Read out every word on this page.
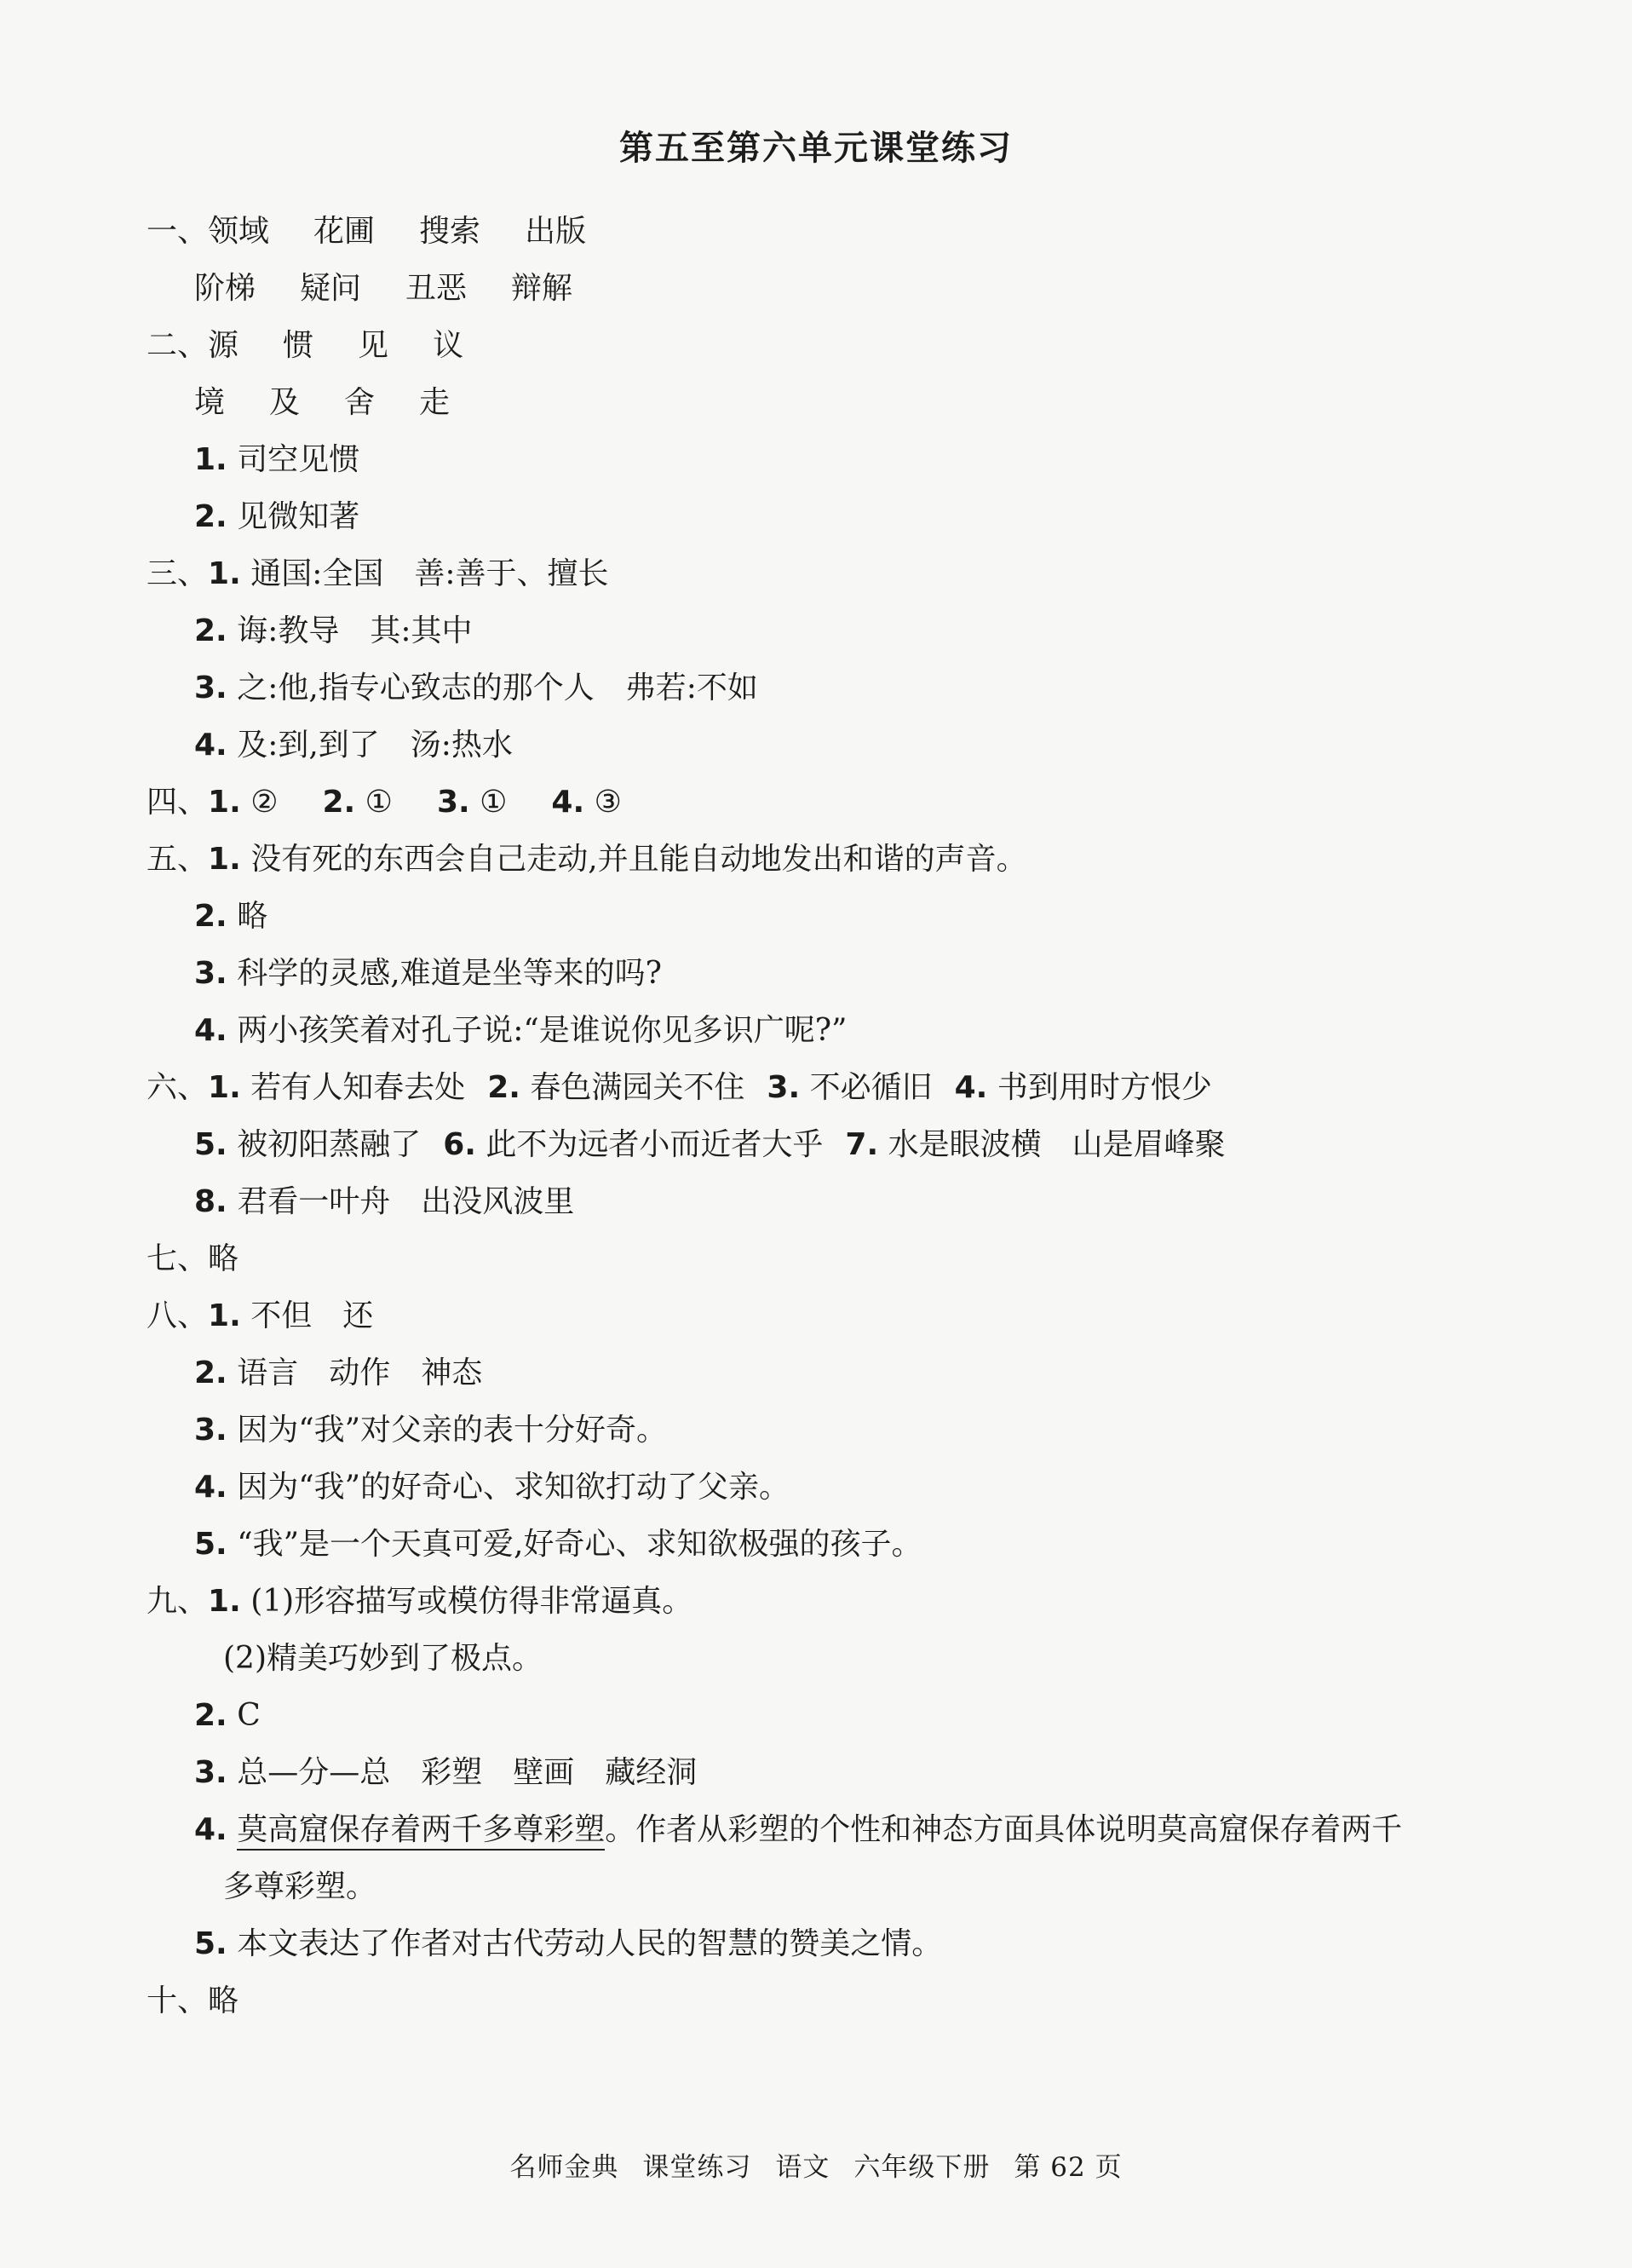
第五至第六单元课堂练习
一、领域 花圃 搜索 出版
阶梯 疑问 丑恶 辩解
二、源 惯 见 议
境 及 舍 走
1. 司空见惯
2. 见微知著
三、1. 通国:全国　善:善于、擅长
2. 诲:教导　其:其中
3. 之:他,指专心致志的那个人　弗若:不如
4. 及:到,到了　汤:热水
四、1. ② 2. ① 3. ① 4. ③
五、1. 没有死的东西会自己走动,并且能自动地发出和谐的声音。
2. 略
3. 科学的灵感,难道是坐等来的吗?
4. 两小孩笑着对孔子说:“是谁说你见多识广呢?”
六、1. 若有人知春去处 2. 春色满园关不住 3. 不必循旧 4. 书到用时方恨少
5. 被初阳蒸融了 6. 此不为远者小而近者大乎 7. 水是眼波横　山是眉峰聚
8. 君看一叶舟　出没风波里
七、略
八、1. 不但　还
2. 语言　动作　神态
3. 因为“我”对父亲的表十分好奇。
4. 因为“我”的好奇心、求知欲打动了父亲。
5. “我”是一个天真可爱,好奇心、求知欲极强的孩子。
九、1. (1)形容描写或模仿得非常逼真。
(2)精美巧妙到了极点。
2. C
3. 总—分—总　彩塑　壁画　藏经洞
4. 莫高窟保存着两千多尊彩塑。作者从彩塑的个性和神态方面具体说明莫高窟保存着两千
多尊彩塑。
5. 本文表达了作者对古代劳动人民的智慧的赞美之情。
十、略
名师金典 课堂练习 语文 六年级下册 第 62 页
